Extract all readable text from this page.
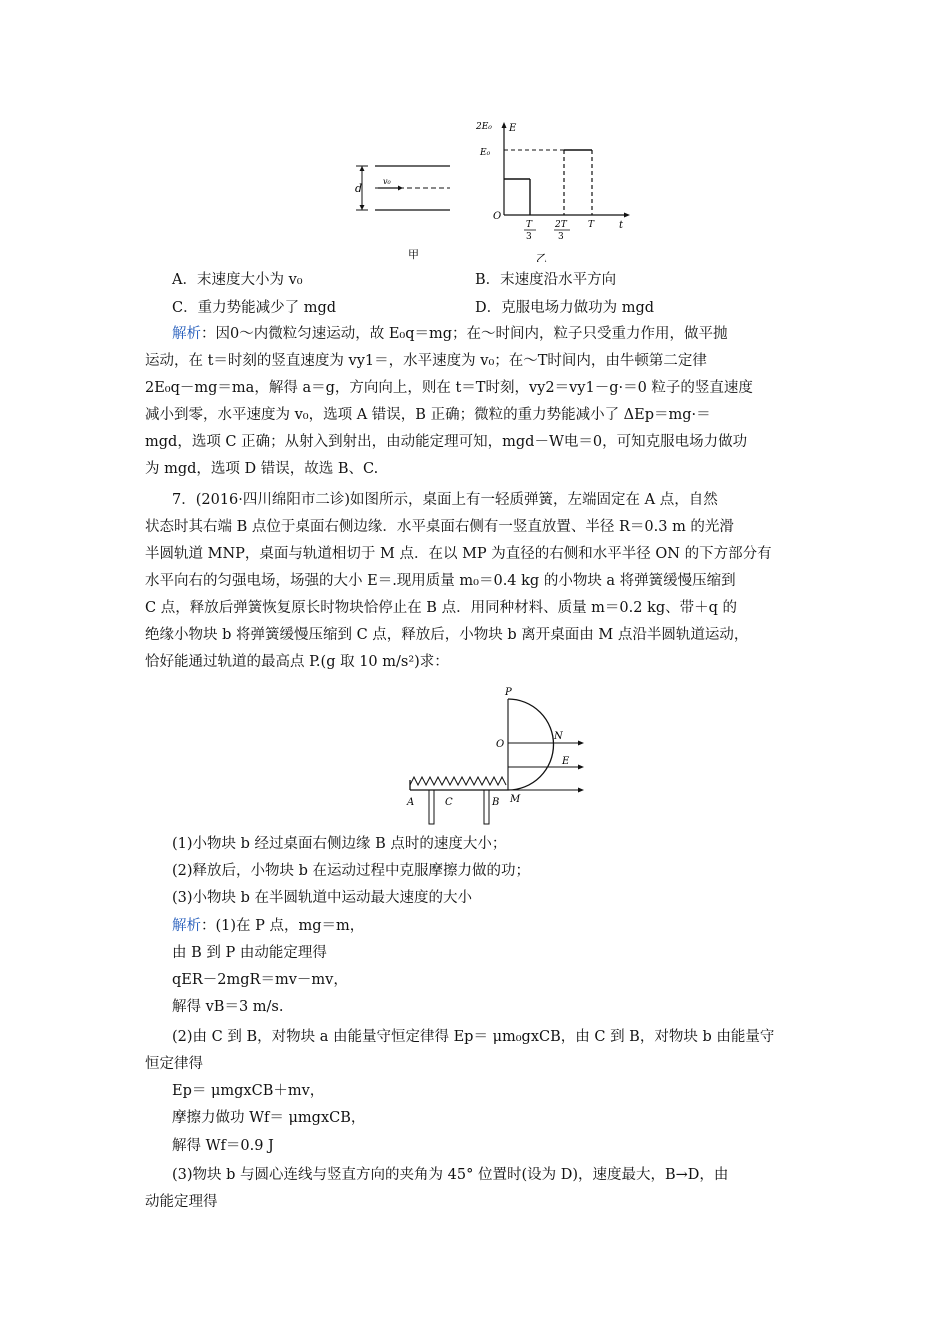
v₀
d
甲
E
t
O
E₀
2E₀
T
3
2T
3
T
乙
A．末速度大小为 v₀	B．末速度沿水平方向
C．重力势能减少了 mgd	D．克服电场力做功为 mgd
解析：因0～内微粒匀速运动，故 E₀q＝mg；在～时间内，粒子只受重力作用，做平抛
运动，在 t＝时刻的竖直速度为 vy1＝，水平速度为 v₀；在～T时间内，由牛顿第二定律
2E₀q－mg＝ma，解得 a＝g，方向向上，则在 t＝T时刻，vy2＝vy1－g·＝0 粒子的竖直速度
减小到零，水平速度为 v₀，选项 A 错误，B 正确；微粒的重力势能减小了 ΔEp＝mg·＝
mgd，选项 C 正确；从射入到射出，由动能定理可知，mgd－W电＝0，可知克服电场力做功
为 mgd，选项 D 错误，故选 B、C.
7．(2016·四川绵阳市二诊)如图所示，桌面上有一轻质弹簧，左端固定在 A 点，自然
状态时其右端 B 点位于桌面右侧边缘．水平桌面右侧有一竖直放置、半径 R＝0.3 m 的光滑
半圆轨道 MNP，桌面与轨道相切于 M 点．在以 MP 为直径的右侧和水平半径 ON 的下方部分有
水平向右的匀强电场，场强的大小 E＝.现用质量 m₀＝0.4 kg 的小物块 a 将弹簧缓慢压缩到
C 点，释放后弹簧恢复原长时物块恰停止在 B 点．用同种材料、质量 m＝0.2 kg、带＋q 的
绝缘小物块 b 将弹簧缓慢压缩到 C 点，释放后，小物块 b 离开桌面由 M 点沿半圆轨道运动，
恰好能通过轨道的最高点 P.(g 取 10 m/s²)求：
P
O
N
E
A	C	B M
(1)小物块 b 经过桌面右侧边缘 B 点时的速度大小；
(2)释放后，小物块 b 在运动过程中克服摩擦力做的功；
(3)小物块 b 在半圆轨道中运动最大速度的大小
解析：(1)在 P 点，mg＝m，
由 B 到 P 由动能定理得
qER－2mgR＝mv－mv，
解得 vB＝3 m/s.
(2)由 C 到 B，对物块 a 由能量守恒定律得 Ep＝ μm₀gxCB，由 C 到 B，对物块 b 由能量守
恒定律得
Ep＝ μmgxCB＋mv，
摩擦力做功 Wf＝ μmgxCB，
解得 Wf＝0.9 J
(3)物块 b 与圆心连线与竖直方向的夹角为 45° 位置时(设为 D)，速度最大，B→D，由
动能定理得
